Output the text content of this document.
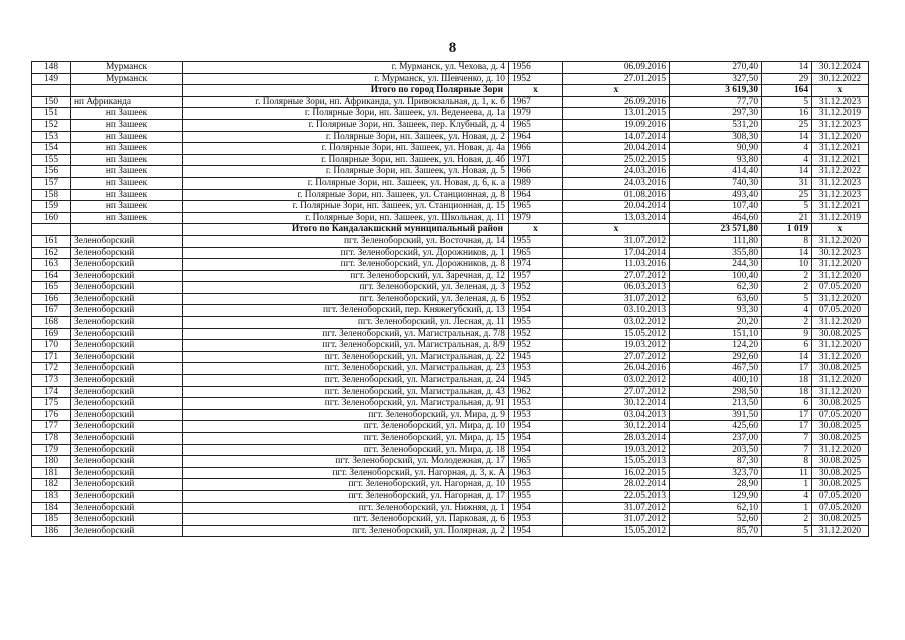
8
148	Мурманск	г. Мурманск, ул. Чехова, д. 4	1956	06.09.2016	270,40	14	30.12.2024
149	Мурманск	г. Мурманск, ул. Шевченко, д. 10	1952	27.01.2015	327,50	29	30.12.2022
		Итого по город Полярные Зори	х	х	3 619,30	164	х
150	нп Африканда	г. Полярные Зори, нп. Африканда, ул. Привокзальная, д. 1, к. б	1967	26.09.2016	77,70	5	31.12.2023
151	нп Зашеек	г. Полярные Зори, нп. Зашеек, ул. Веденеева, д. 1а	1979	13.01.2015	297,30	16	31.12.2019
152	нп Зашеек	г. Полярные Зори, нп. Зашеек, пер. Клубный, д. 4	1965	19.09.2016	531,20	25	31.12.2023
153	нп Зашеек	г. Полярные Зори, нп. Зашеек, ул. Новая, д. 2	1964	14.07.2014	308,30	14	31.12.2020
154	нп Зашеек	г. Полярные Зори, нп. Зашеек, ул. Новая, д. 4а	1966	20.04.2014	90,90	4	31.12.2021
155	нп Зашеек	г. Полярные Зори, нп. Зашеек, ул. Новая, д. 4б	1971	25.02.2015	93,80	4	31.12.2021
156	нп Зашеек	г. Полярные Зори, нп. Зашеек, ул. Новая, д. 5	1966	24.03.2016	414,40	14	31.12.2022
157	нп Зашеек	г. Полярные Зори, нп. Зашеек, ул. Новая, д. 6, к. а	1989	24.03.2016	740,30	31	31.12.2023
158	нп Зашеек	г. Полярные Зори, нп. Зашеек, ул. Станционная, д. 8	1964	01.08.2016	493,40	25	31.12.2023
159	нп Зашеек	г. Полярные Зори, нп. Зашеек, ул. Станционная, д. 15	1965	20.04.2014	107,40	5	31.12.2021
160	нп Зашеек	г. Полярные Зори, нп. Зашеек, ул. Школьная, д. 11	1979	13.03.2014	464,60	21	31.12.2019
		Итого по Кандалакшский муниципальный район	х	х	23 571,80	1 019	х
161	Зеленоборский	пгт. Зеленоборский, ул. Восточная, д. 14	1955	31.07.2012	111,80	8	31.12.2020
162	Зеленоборский	пгт. Зеленоборский, ул. Дорожников, д. 1	1965	17.04.2014	355,80	14	30.12.2023
163	Зеленоборский	пгт. Зеленоборский, ул. Дорожников, д. 8	1974	11.03.2016	244,30	10	31.12.2020
164	Зеленоборский	пгт. Зеленоборский, ул. Заречная, д. 12	1957	27.07.2012	100,40	2	31.12.2020
165	Зеленоборский	пгт. Зеленоборский, ул. Зеленая, д. 3	1952	06.03.2013	62,30	2	07.05.2020
166	Зеленоборский	пгт. Зеленоборский, ул. Зеленая, д. 6	1952	31.07.2012	63,60	5	31.12.2020
167	Зеленоборский	пгт. Зеленоборский, пер. Княжегубский, д. 13	1954	03.10.2013	93,30	4	07.05.2020
168	Зеленоборский	пгт. Зеленоборский, ул. Лесная, д. 11	1955	03.02.2012	20,20	2	31.12.2020
169	Зеленоборский	пгт. Зеленоборский, ул. Магистральная, д. 7/8	1952	15.05.2012	151,10	9	30.08.2025
170	Зеленоборский	пгт. Зеленоборский, ул. Магистральная, д. 8/9	1952	19.03.2012	124,20	6	31.12.2020
171	Зеленоборский	пгт. Зеленоборский, ул. Магистральная, д. 22	1945	27.07.2012	292,60	14	31.12.2020
172	Зеленоборский	пгт. Зеленоборский, ул. Магистральная, д. 23	1953	26.04.2016	467,50	17	30.08.2025
173	Зеленоборский	пгт. Зеленоборский, ул. Магистральная, д. 24	1945	03.02.2012	400,10	18	31.12.2020
174	Зеленоборский	пгт. Зеленоборский, ул. Магистральная, д. 43	1962	27.07.2012	298,50	18	31.12.2020
175	Зеленоборский	пгт. Зеленоборский, ул. Магистральная, д. 91	1953	30.12.2014	213,50	6	30.08.2025
176	Зеленоборский	пгт. Зеленоборский, ул. Мира, д. 9	1953	03.04.2013	391,50	17	07.05.2020
177	Зеленоборский	пгт. Зеленоборский, ул. Мира, д. 10	1954	30.12.2014	425,60	17	30.08.2025
178	Зеленоборский	пгт. Зеленоборский, ул. Мира, д. 15	1954	28.03.2014	237,00	7	30.08.2025
179	Зеленоборский	пгт. Зеленоборский, ул. Мира, д. 18	1954	19.03.2012	203,50	7	31.12.2020
180	Зеленоборский	пгт. Зеленоборский, ул. Молодежная, д. 17	1965	15.05.2013	87,30	8	30.08.2025
181	Зеленоборский	пгт. Зеленоборский, ул. Нагорная, д. 3, к. А	1963	16.02.2015	323,70	11	30.08.2025
182	Зеленоборский	пгт. Зеленоборский, ул. Нагорная, д. 10	1955	28.02.2014	28,90	1	30.08.2025
183	Зеленоборский	пгт. Зеленоборский, ул. Нагорная, д. 17	1955	22.05.2013	129,90	4	07.05.2020
184	Зеленоборский	пгт. Зеленоборский, ул. Нижняя, д. 1	1954	31.07.2012	62,10	1	07.05.2020
185	Зеленоборский	пгт. Зеленоборский, ул. Парковая, д. 6	1953	31.07.2012	52,60	2	30.08.2025
186	Зеленоборский	пгт. Зеленоборский, ул. Полярная, д. 2	1954	15.05.2012	85,70	5	31.12.2020
